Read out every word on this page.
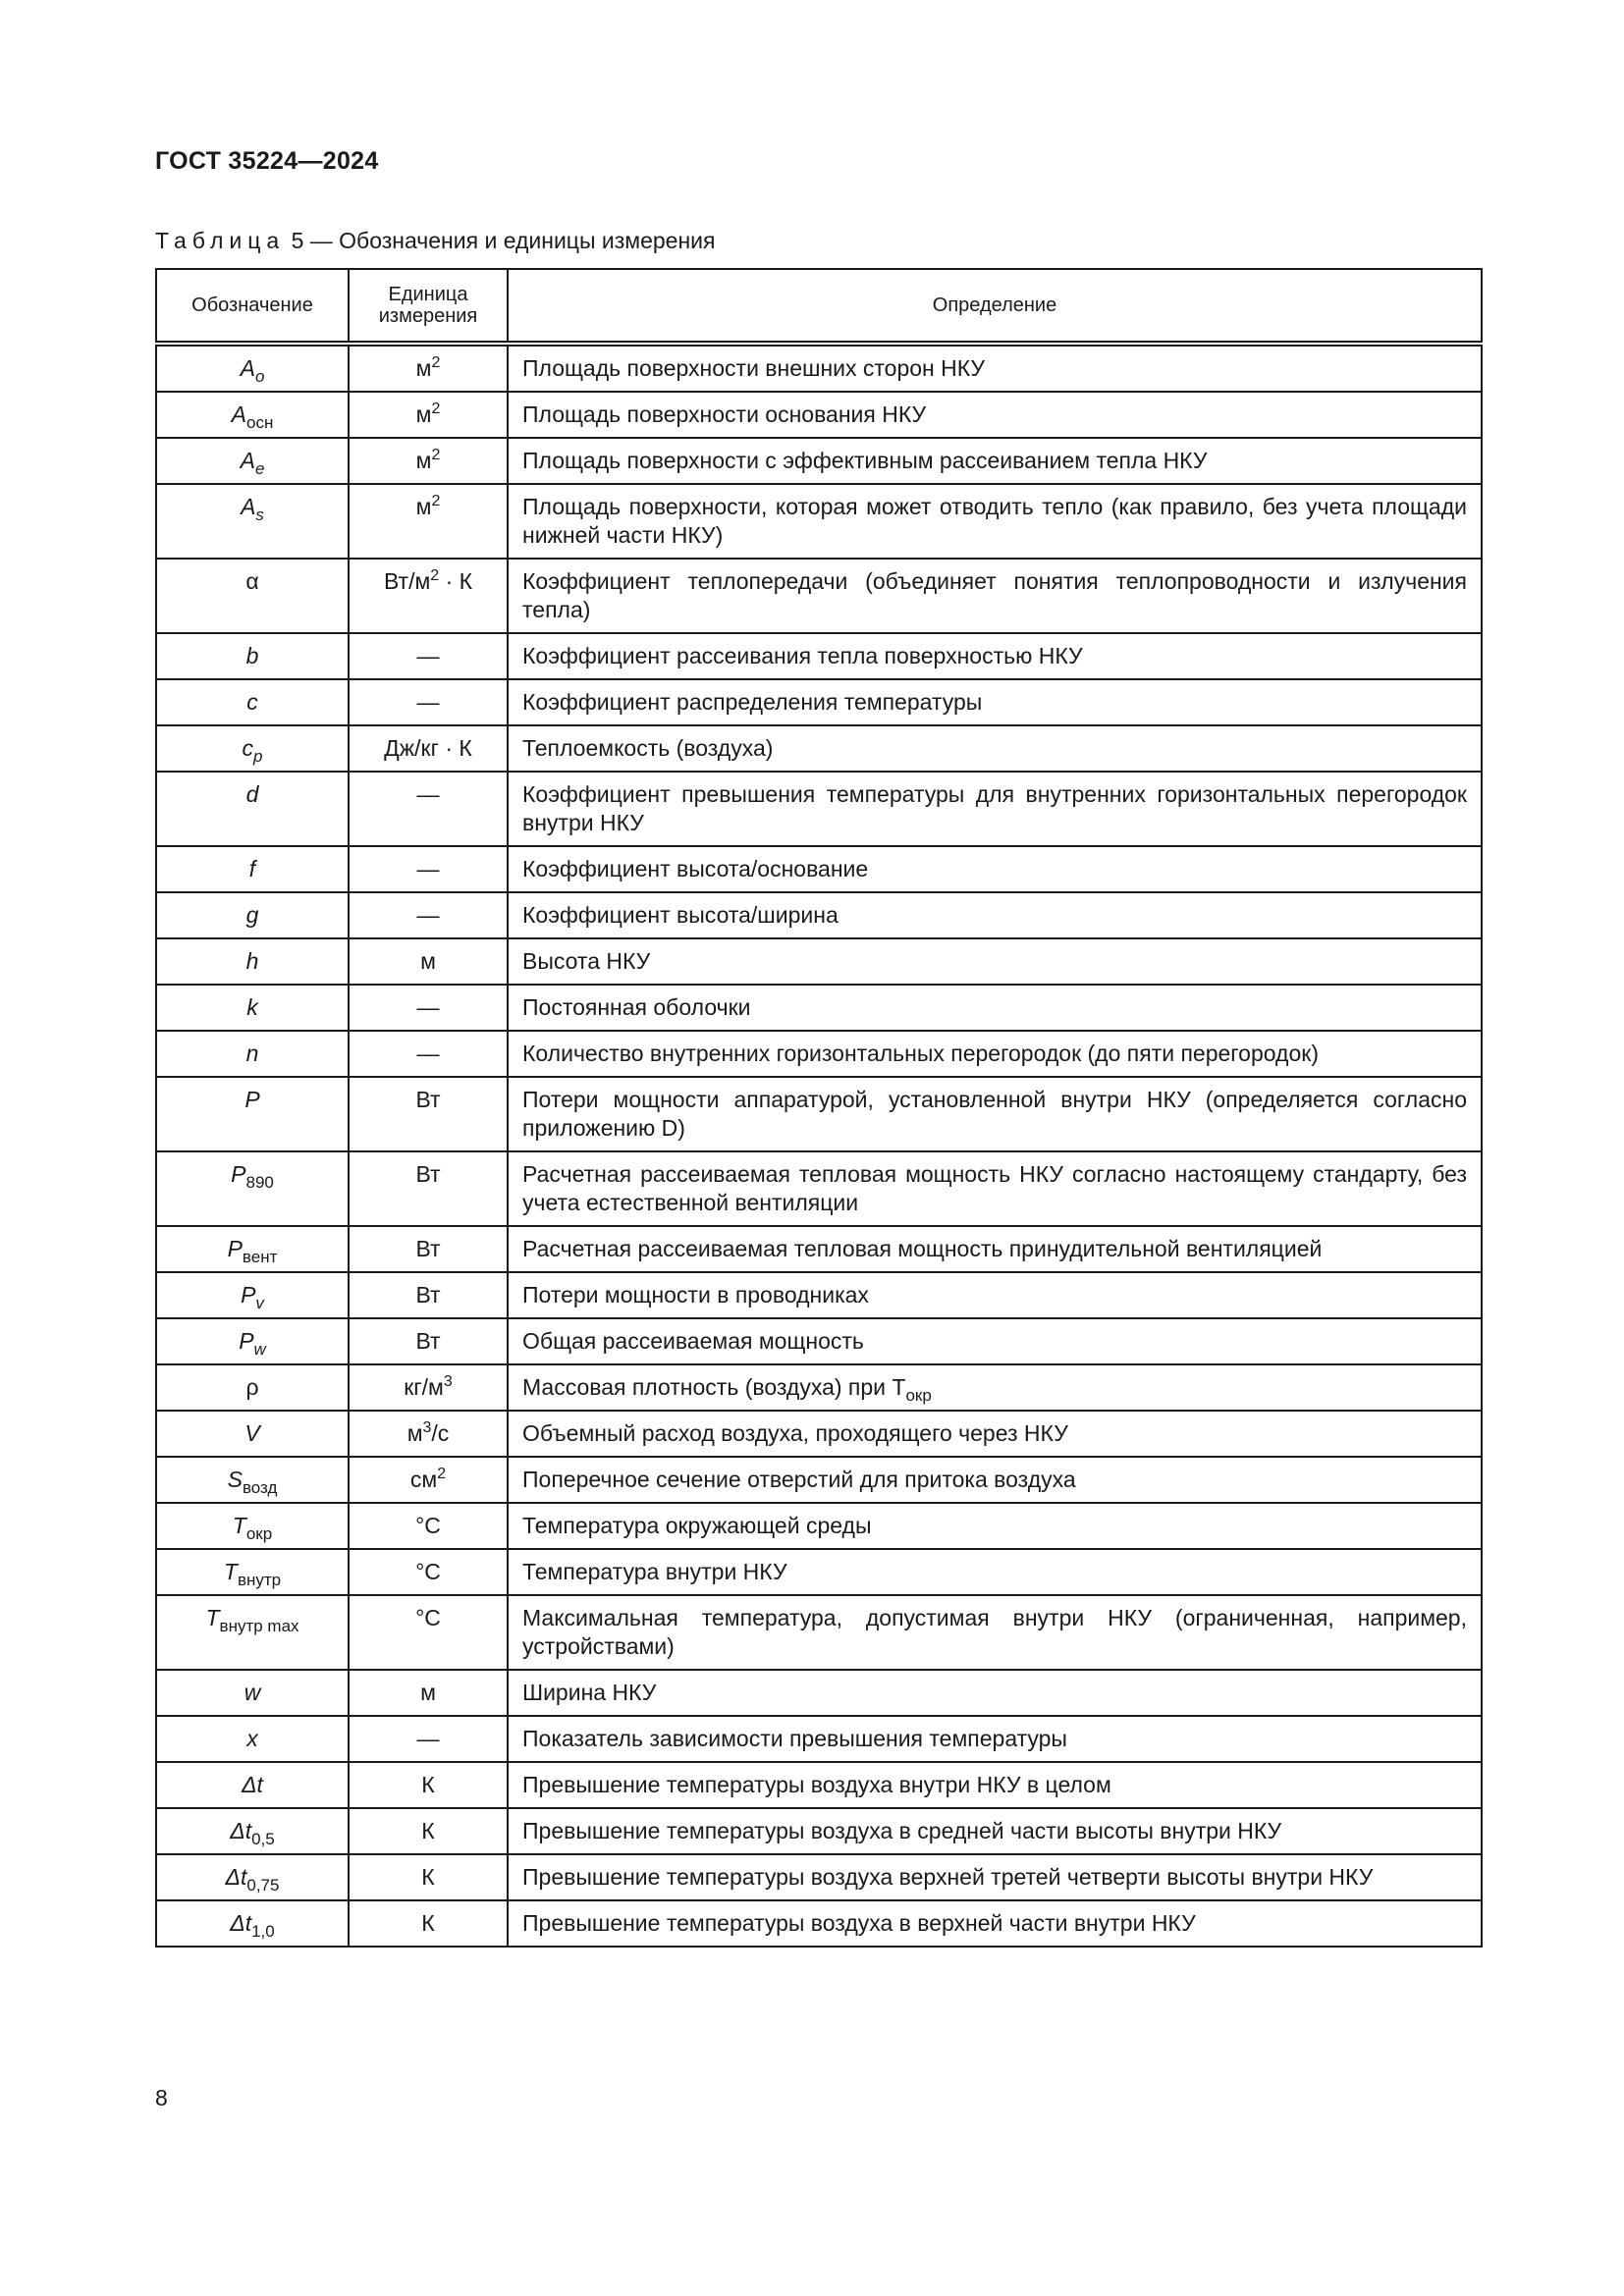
ГОСТ 35224—2024
Таблица 5 — Обозначения и единицы измерения
Обозначение	Единица измерения	Определение
$A_o$	$м^2$	Площадь поверхности внешних сторон НКУ
$A_{осн}$	$м^2$	Площадь поверхности основания НКУ
$A_e$	$м^2$	Площадь поверхности с эффективным рассеиванием тепла НКУ
$A_s$	$м^2$	Площадь поверхности, которая может отводить тепло (как правило, без учета площади нижней части НКУ)
α	$Вт/м^2 \cdot К$	Коэффициент теплопередачи (объединяет понятия теплопроводности и излучения тепла)
b	—	Коэффициент рассеивания тепла поверхностью НКУ
c	—	Коэффициент распределения температуры
$c_p$	Дж/кг · К	Теплоемкость (воздуха)
d	—	Коэффициент превышения температуры для внутренних горизонтальных перегородок внутри НКУ
f	—	Коэффициент высота/основание
g	—	Коэффициент высота/ширина
h	м	Высота НКУ
k	—	Постоянная оболочки
n	—	Количество внутренних горизонтальных перегородок (до пяти перегородок)
P	Вт	Потери мощности аппаратурой, установленной внутри НКУ (определяется согласно приложению D)
$P_{890}$	Вт	Расчетная рассеиваемая тепловая мощность НКУ согласно настоящему стандарту, без учета естественной вентиляции
$P_{вент}$	Вт	Расчетная рассеиваемая тепловая мощность принудительной вентиляцией
$P_v$	Вт	Потери мощности в проводниках
$P_w$	Вт	Общая рассеиваемая мощность
ρ	$кг/м^3$	Массовая плотность (воздуха) при $T_{окр}$
V	$м^3/с$	Объемный расход воздуха, проходящего через НКУ
$S_{возд}$	$см^2$	Поперечное сечение отверстий для притока воздуха
$T_{окр}$	°С	Температура окружающей среды
$T_{внутр}$	°С	Температура внутри НКУ
$T_{внутр max}$	°С	Максимальная температура, допустимая внутри НКУ (ограниченная, например, устройствами)
w	м	Ширина НКУ
x	—	Показатель зависимости превышения температуры
Δt	К	Превышение температуры воздуха внутри НКУ в целом
$\Delta t_{0,5}$	К	Превышение температуры воздуха в средней части высоты внутри НКУ
$\Delta t_{0,75}$	К	Превышение температуры воздуха верхней третей четверти высоты внутри НКУ
$\Delta t_{1,0}$	К	Превышение температуры воздуха в верхней части внутри НКУ
8
